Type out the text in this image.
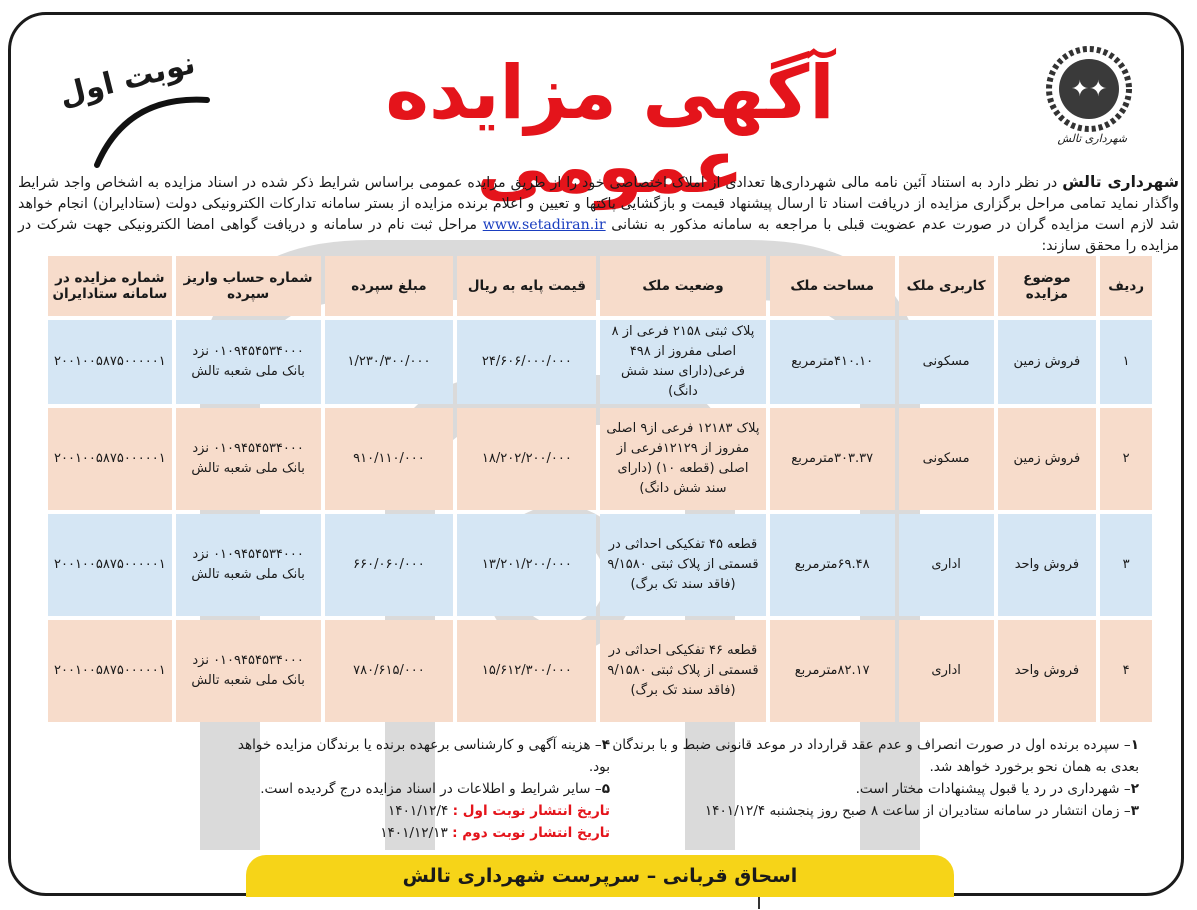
✦✦
شهرداری تالش
آگهی مزایده عمومی
نوبت اول
شهرداری تالش در نظر دارد به استناد آئین نامه مالی شهرداری‌ها تعدادی از املاک اختصاصی خود را از طریق مزایده عمومی براساس شرایط ذکر شده در اسناد مزایده به اشخاص واجد شرایط واگذار نماید تمامی مراحل برگزاری مزایده از دریافت اسناد تا ارسال پیشنهاد قیمت و بازگشایی پاکتها و تعیین و اعلام برنده مزایده از بستر سامانه تدارکات الکترونیکی دولت (ستادایران) انجام خواهد شد لازم است مزایده گران در صورت عدم عضویت قبلی با مراجعه به سامانه مذکور به نشانی www.setadiran.ir مراحل ثبت نام در سامانه و دریافت گواهی امضا الکترونیکی جهت شرکت در مزایده را محقق سازند:
ردیف	موضوع مزایده	کاربری ملک	مساحت ملک	وضعیت ملک	قیمت پایه به ریال	مبلغ سپرده	شماره حساب واریز سپرده	شماره مزایده در سامانه ستادایران
۱	فروش زمین	مسکونی	۴۱۰.۱۰مترمربع	پلاک ثبتی ۲۱۵۸ فرعی از ۸ اصلی مفروز از ۴۹۸ فرعی(دارای سند شش دانگ)	۲۴/۶۰۶/۰۰۰/۰۰۰	۱/۲۳۰/۳۰۰/۰۰۰	۰۱۰۹۴۵۴۵۳۴۰۰۰ نزد بانک ملی شعبه تالش	۲۰۰۱۰۰۵۸۷۵۰۰۰۰۰۱
۲	فروش زمین	مسکونی	۳۰۳.۳۷مترمربع	پلاک ۱۲۱۸۳ فرعی از۹ اصلی مفروز از ۱۲۱۲۹فرعی از اصلی (قطعه ۱۰) (دارای سند شش دانگ)	۱۸/۲۰۲/۲۰۰/۰۰۰	۹۱۰/۱۱۰/۰۰۰	۰۱۰۹۴۵۴۵۳۴۰۰۰ نزد بانک ملی شعبه تالش	۲۰۰۱۰۰۵۸۷۵۰۰۰۰۰۱
۳	فروش واحد	اداری	۶۹.۴۸مترمربع	قطعه ۴۵ تفکیکی احداثی در قسمتی از پلاک ثبتی ۹/۱۵۸۰ (فاقد سند تک برگ)	۱۳/۲۰۱/۲۰۰/۰۰۰	۶۶۰/۰۶۰/۰۰۰	۰۱۰۹۴۵۴۵۳۴۰۰۰ نزد بانک ملی شعبه تالش	۲۰۰۱۰۰۵۸۷۵۰۰۰۰۰۱
۴	فروش واحد	اداری	۸۲.۱۷مترمربع	قطعه ۴۶ تفکیکی احداثی در قسمتی از پلاک ثبتی ۹/۱۵۸۰ (فاقد سند تک برگ)	۱۵/۶۱۲/۳۰۰/۰۰۰	۷۸۰/۶۱۵/۰۰۰	۰۱۰۹۴۵۴۵۳۴۰۰۰ نزد بانک ملی شعبه تالش	۲۰۰۱۰۰۵۸۷۵۰۰۰۰۰۱
۱– سپرده برنده اول در صورت انصراف و عدم عقد قرارداد در موعد قانونی ضبط و با برندگان بعدی به همان نحو برخورد خواهد شد.
۲– شهرداری در رد یا قبول پیشنهادات مختار است.
۳– زمان انتشار در سامانه ستادیران از ساعت ۸ صبح روز پنجشنبه ۱۴۰۱/۱۲/۴
۴– هزینه آگهی و کارشناسی برعهده برنده یا برندگان مزایده خواهد بود.
۵– سایر شرایط و اطلاعات در اسناد مزایده درج گردیده است.
تاریخ انتشار نوبت اول : ۱۴۰۱/۱۲/۴
تاریخ انتشار نوبت دوم : ۱۴۰۱/۱۲/۱۳
اسحاق قربانی – سرپرست شهرداری تالش
